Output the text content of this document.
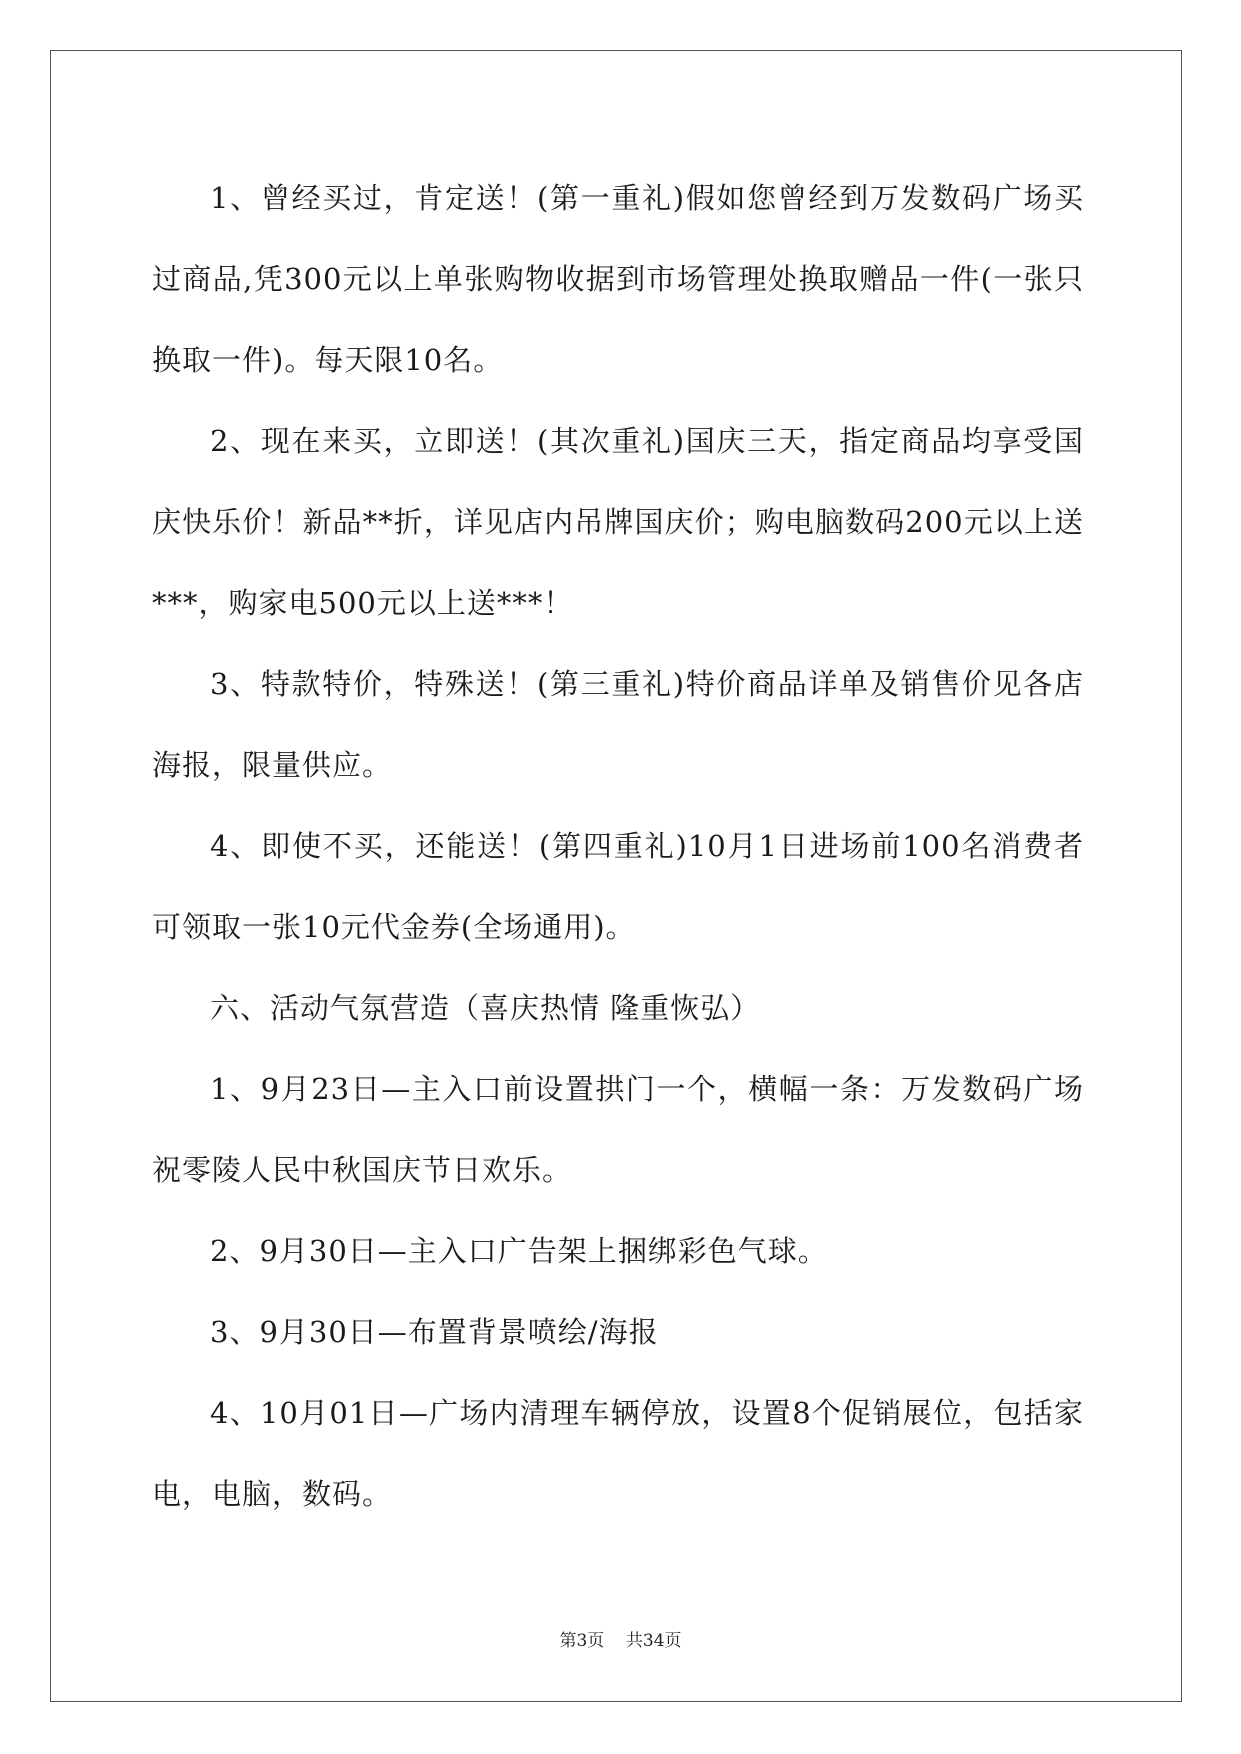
1、曾经买过，肯定送！(第一重礼)假如您曾经到万发数码广场买过商品,凭300元以上单张购物收据到市场管理处换取赠品一件(一张只换取一件)。每天限10名。

2、现在来买，立即送！(其次重礼)国庆三天，指定商品均享受国庆快乐价！新品**折，详见店内吊牌国庆价；购电脑数码200元以上送***，购家电500元以上送***！

3、特款特价，特殊送！(第三重礼)特价商品详单及销售价见各店海报，限量供应。

4、即使不买，还能送！(第四重礼)10月1日进场前100名消费者可领取一张10元代金券(全场通用)。

六、活动气氛营造（喜庆热情 隆重恢弘）

1、9月23日—主入口前设置拱门一个，横幅一条：万发数码广场祝零陵人民中秋国庆节日欢乐。

2、9月30日—主入口广告架上捆绑彩色气球。

3、9月30日—布置背景喷绘/海报

4、10月01日—广场内清理车辆停放，设置8个促销展位，包括家电，电脑，数码。

第3页 共34页
